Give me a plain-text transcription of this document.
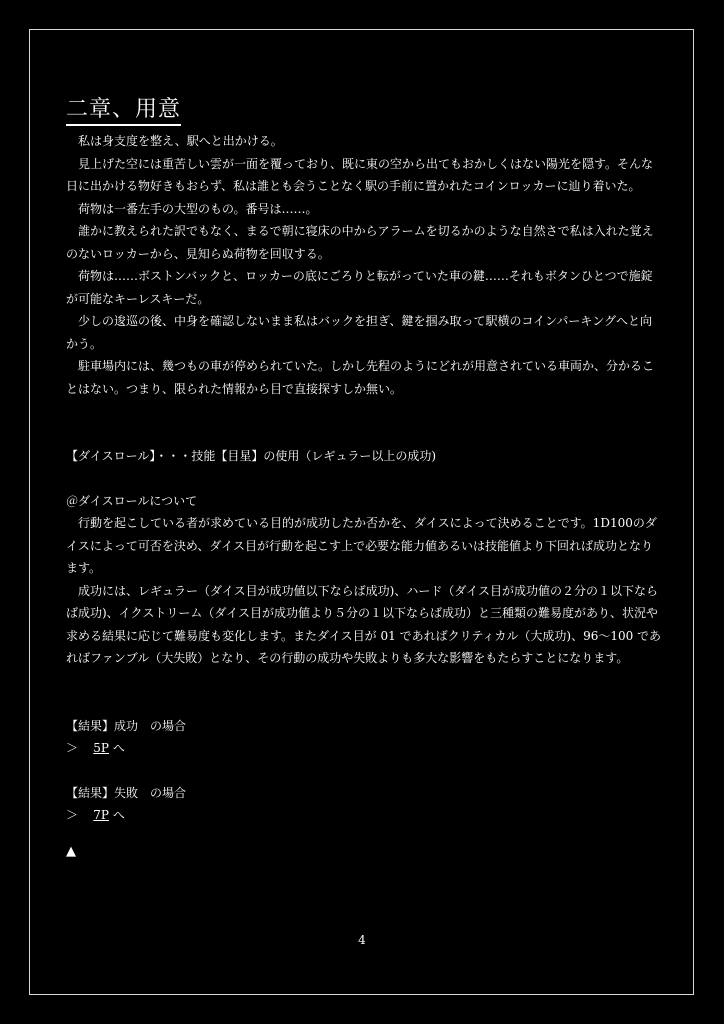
二章、用意

私は身支度を整え、駅へと出かける。

見上げた空には重苦しい雲が一面を覆っており、既に東の空から出てもおかしくはない陽光を隠す。そんな日に出かける物好きもおらず、私は誰とも会うことなく駅の手前に置かれたコインロッカーに辿り着いた。

荷物は一番左手の大型のもの。番号は……。

誰かに教えられた訳でもなく、まるで朝に寝床の中からアラームを切るかのような自然さで私は入れた覚えのないロッカーから、見知らぬ荷物を回収する。

荷物は……ボストンバックと、ロッカーの底にごろりと転がっていた車の鍵……それもボタンひとつで施錠が可能なキーレスキーだ。

少しの逡巡の後、中身を確認しないまま私はバックを担ぎ、鍵を掴み取って駅横のコインパーキングへと向かう。

駐車場内には、幾つもの車が停められていた。しかし先程のようにどれが用意されている車両か、分かることはない。つまり、限られた情報から目で直接探すしか無い。

【ダイスロール】・・・技能【目星】の使用（レギュラー以上の成功)

＠ダイスロールについて

行動を起こしている者が求めている目的が成功したか否かを、ダイスによって決めることです。1D100のダイスによって可否を決め、ダイス目が行動を起こす上で必要な能力値あるいは技能値より下回れば成功となります。

成功には、レギュラー（ダイス目が成功値以下ならば成功)、ハード（ダイス目が成功値の２分の１以下ならば成功)、イクストリーム（ダイス目が成功値より５分の１以下ならば成功）と三種類の難易度があり、状況や求める結果に応じて難易度も変化します。またダイス目が 01 であればクリティカル（大成功)、96～100 であればファンブル（大失敗）となり、その行動の成功や失敗よりも多大な影響をもたらすことになります。

【結果】成功　の場合

＞ 5P へ

【結果】失敗　の場合

＞ 7P へ

▲
4
